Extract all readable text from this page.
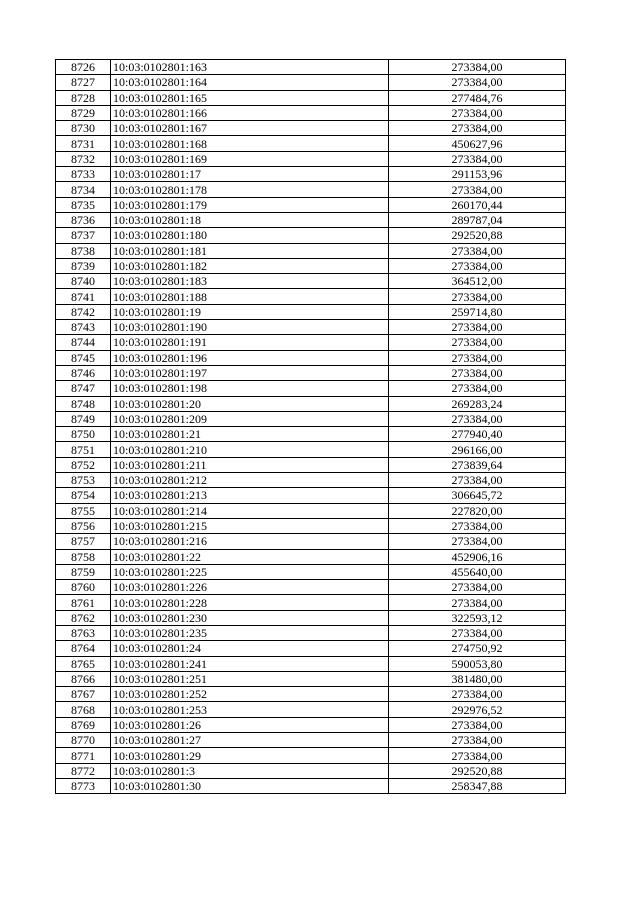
8726	10:03:0102801:163	273384,00
8727	10:03:0102801:164	273384,00
8728	10:03:0102801:165	277484,76
8729	10:03:0102801:166	273384,00
8730	10:03:0102801:167	273384,00
8731	10:03:0102801:168	450627,96
8732	10:03:0102801:169	273384,00
8733	10:03:0102801:17	291153,96
8734	10:03:0102801:178	273384,00
8735	10:03:0102801:179	260170,44
8736	10:03:0102801:18	289787,04
8737	10:03:0102801:180	292520,88
8738	10:03:0102801:181	273384,00
8739	10:03:0102801:182	273384,00
8740	10:03:0102801:183	364512,00
8741	10:03:0102801:188	273384,00
8742	10:03:0102801:19	259714,80
8743	10:03:0102801:190	273384,00
8744	10:03:0102801:191	273384,00
8745	10:03:0102801:196	273384,00
8746	10:03:0102801:197	273384,00
8747	10:03:0102801:198	273384,00
8748	10:03:0102801:20	269283,24
8749	10:03:0102801:209	273384,00
8750	10:03:0102801:21	277940,40
8751	10:03:0102801:210	296166,00
8752	10:03:0102801:211	273839,64
8753	10:03:0102801:212	273384,00
8754	10:03:0102801:213	306645,72
8755	10:03:0102801:214	227820,00
8756	10:03:0102801:215	273384,00
8757	10:03:0102801:216	273384,00
8758	10:03:0102801:22	452906,16
8759	10:03:0102801:225	455640,00
8760	10:03:0102801:226	273384,00
8761	10:03:0102801:228	273384,00
8762	10:03:0102801:230	322593,12
8763	10:03:0102801:235	273384,00
8764	10:03:0102801:24	274750,92
8765	10:03:0102801:241	590053,80
8766	10:03:0102801:251	381480,00
8767	10:03:0102801:252	273384,00
8768	10:03:0102801:253	292976,52
8769	10:03:0102801:26	273384,00
8770	10:03:0102801:27	273384,00
8771	10:03:0102801:29	273384,00
8772	10:03:0102801:3	292520,88
8773	10:03:0102801:30	258347,88
